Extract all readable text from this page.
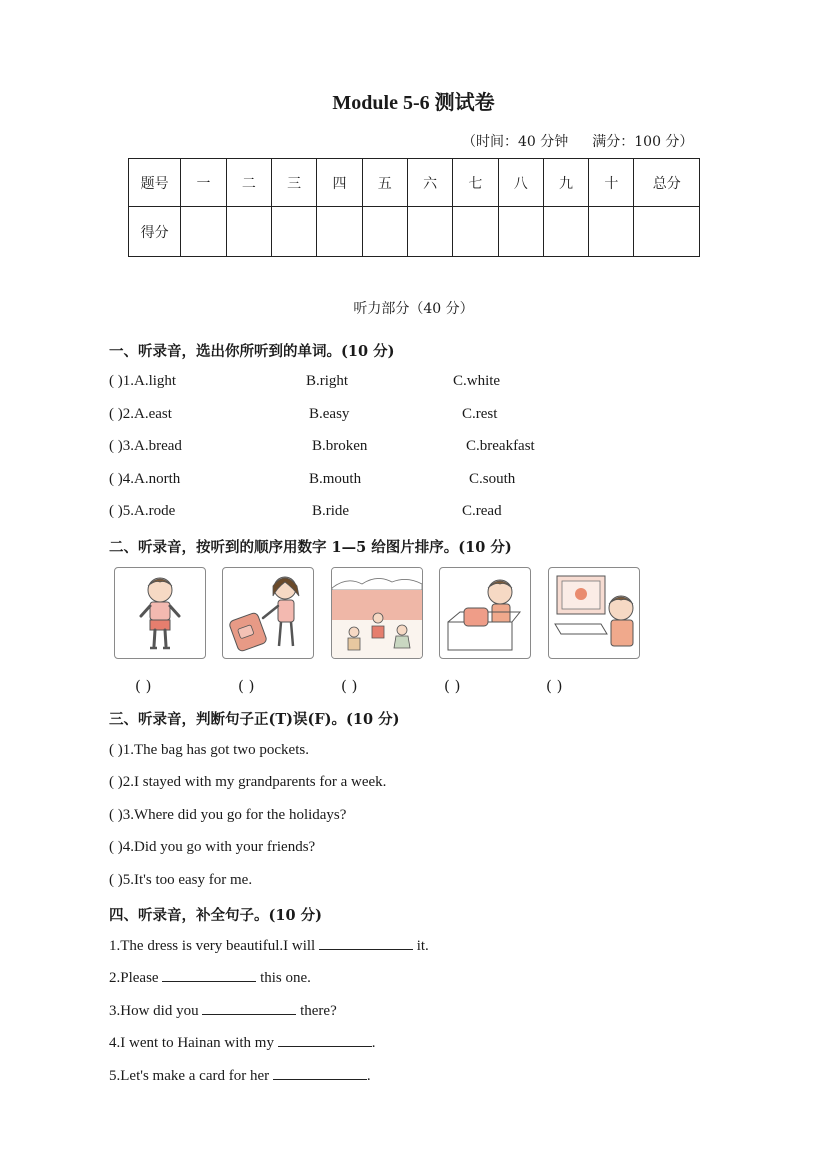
Module 5-6 测试卷
（时间：40 分钟 满分：100 分）
题号	一	二	三	四	五	六	七	八	九	十	总分
得分											
听力部分（40 分）
一、听录音，选出你所听到的单词。(10 分)
( )1.A.light	B.right	C.white
( )2.A.east	B.easy	C.rest
( )3.A.bread	B.broken	C.breakfast
( )4.A.north	B.mouth	C.south
( )5.A.rode	B.ride	C.read
二、听录音，按听到的顺序用数字 1—5 给图片排序。(10 分)
( )	( )	( )	( )	( )
三、听录音，判断句子正(T)误(F)。(10 分)
( )1.The bag has got two pockets.
( )2.I stayed with my grandparents for a week.
( )3.Where did you go for the holidays?
( )4.Did you go with your friends?
( )5.It's too easy for me.
四、听录音，补全句子。(10 分)
1.The dress is very beautiful.I will	it.
2.Please	this one.
3.How did you	there?
4.I went to Hainan with my	.
5.Let's make a card for her	.
